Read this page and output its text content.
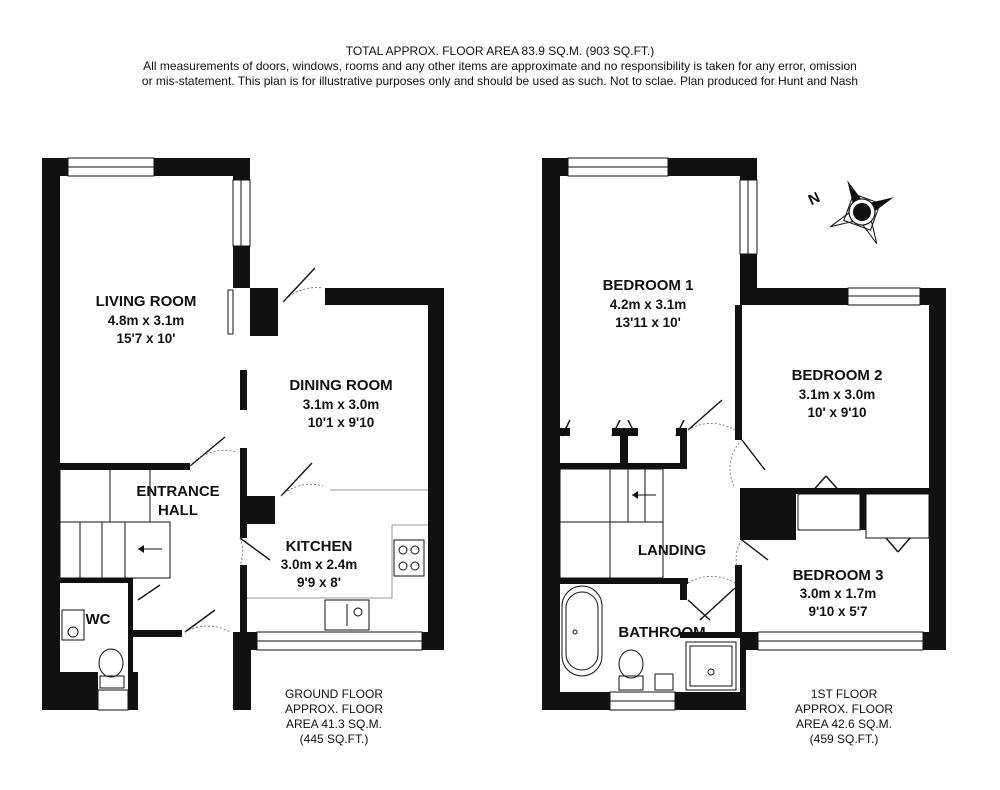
TOTAL APPROX. FLOOR AREA 83.9 SQ.M. (903 SQ.FT.)
All measurements of doors, windows, rooms and any other items are approximate and no responsibility is taken for any error, omission
or mis-statement. This plan is for illustrative purposes only and should be used as such. Not to sclae. Plan produced for Hunt and Nash
N
LIVING ROOM
4.8m x 3.1m
15'7 x 10'
DINING ROOM
3.1m x 3.0m
10'1 x 9'10
ENTRANCE
HALL
KITCHEN
3.0m x 2.4m
9'9 x 8'
WC
GROUND FLOOR
APPROX. FLOOR
AREA 41.3 SQ.M.
(445 SQ.FT.)
BEDROOM 1
4.2m x 3.1m
13'11 x 10'
BEDROOM 2
3.1m x 3.0m
10' x 9'10
LANDING
BEDROOM 3
3.0m x 1.7m
9'10 x 5'7
BATHROOM
1ST FLOOR
APPROX. FLOOR
AREA 42.6 SQ.M.
(459 SQ.FT.)
